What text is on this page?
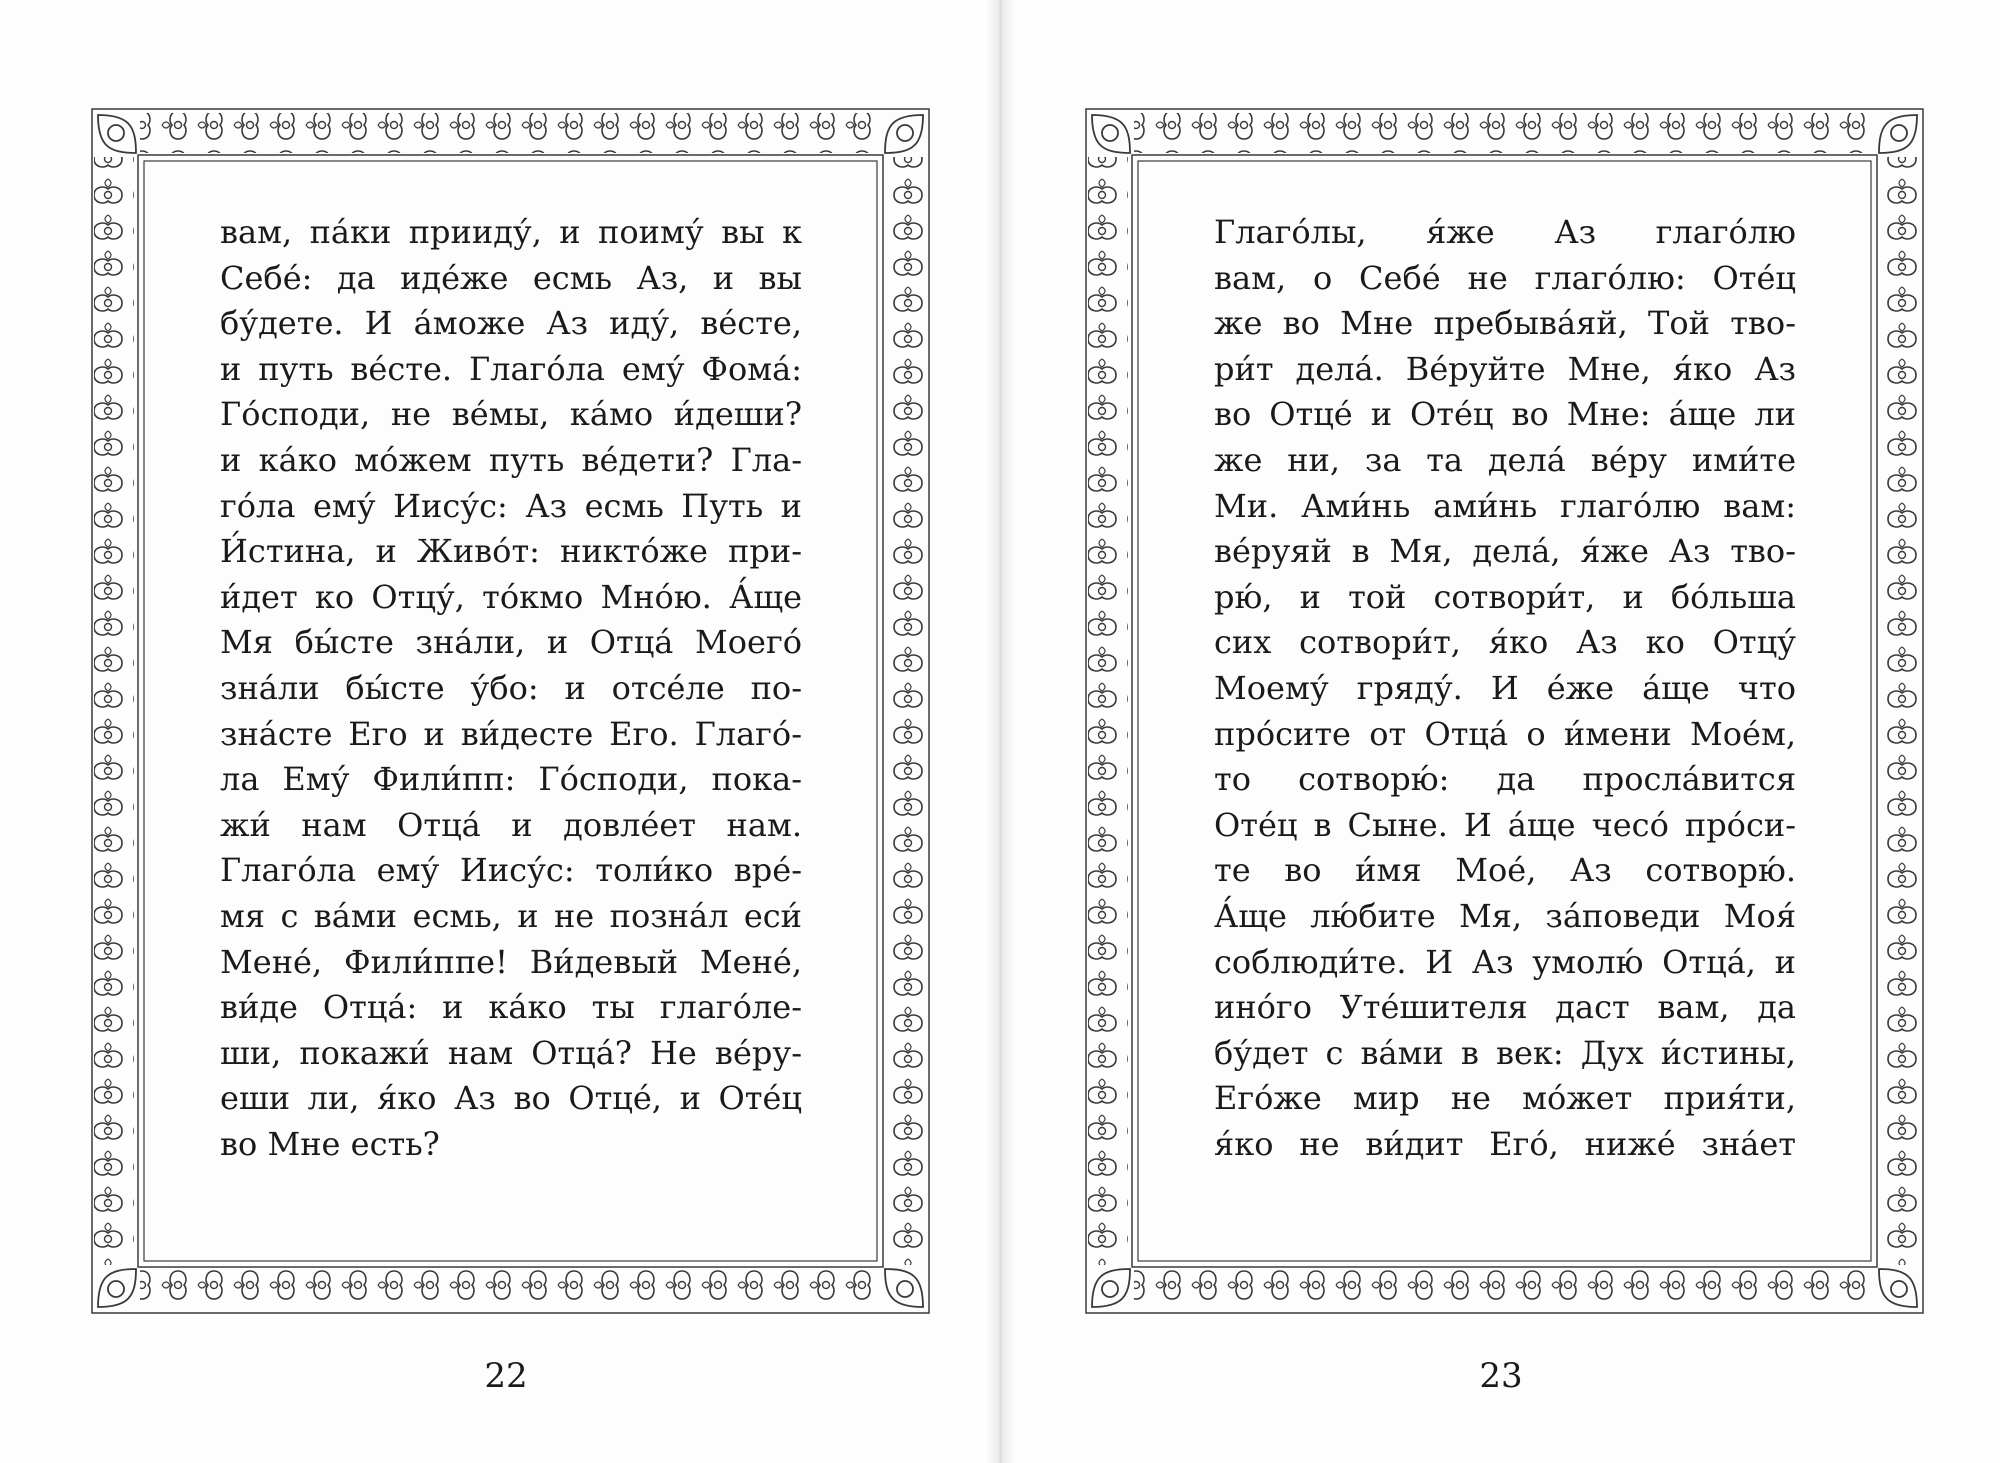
вам, па́ки прииду́, и поиму́ вы к
Себе́: да иде́же есмь Аз, и вы
бу́дете. И а́може Аз иду́, ве́сте,
и путь ве́сте. Глаго́ла ему́ Фома́:
Го́споди, не ве́мы, ка́мо и́деши?
и ка́ко мо́жем путь ве́дети? Гла-
го́ла ему́ Иису́с: Аз есмь Путь и
И́стина, и Живо́т: никто́же при-
и́дет ко Отцу́, то́кмо Мно́ю. А́ще
Мя бы́сте зна́ли, и Отца́ Моего́
зна́ли бы́сте у́бо: и отсе́ле по-
зна́сте Его и ви́десте Его. Глаго́-
ла Ему́ Фили́пп: Го́споди, пока-
жи́ нам Отца́ и довле́ет нам.
Глаго́ла ему́ Иису́с: толи́ко вре́-
мя с ва́ми есмь, и не позна́л еси́
Мене́, Фили́ппе! Ви́девый Мене́,
ви́де Отца́: и ка́ко ты глаго́ле-
ши, покажи́ нам Отца́? Не ве́ру-
еши ли, я́ко Аз во Отце́, и Оте́ц
во Мне есть?
22
Глаго́лы, я́же Аз глаго́лю
вам, о Себе́ не глаго́лю: Оте́ц
же во Мне пребыва́яй, Той тво-
ри́т дела́. Ве́руйте Мне, я́ко Аз
во Отце́ и Оте́ц во Мне: а́ще ли
же ни, за та дела́ ве́ру ими́те
Ми. Ами́нь ами́нь глаго́лю вам:
ве́руяй в Мя, дела́, я́же Аз тво-
рю́, и той сотвори́т, и бо́льша
сих сотвори́т, я́ко Аз ко Отцу́
Моему́ гряду́. И е́же а́ще что
про́сите от Отца́ о и́мени Мое́м,
то сотворю́: да просла́вится
Оте́ц в Сыне. И а́ще чесо́ про́си-
те во и́мя Мое́, Аз сотворю́.
А́ще лю́бите Мя, за́поведи Моя́
соблюди́те. И Аз умолю́ Отца́, и
ино́го Уте́шителя даст вам, да
бу́дет с ва́ми в век: Дух и́стины,
Его́же мир не мо́жет прия́ти,
я́ко не ви́дит Его́, ниже́ зна́ет
23
